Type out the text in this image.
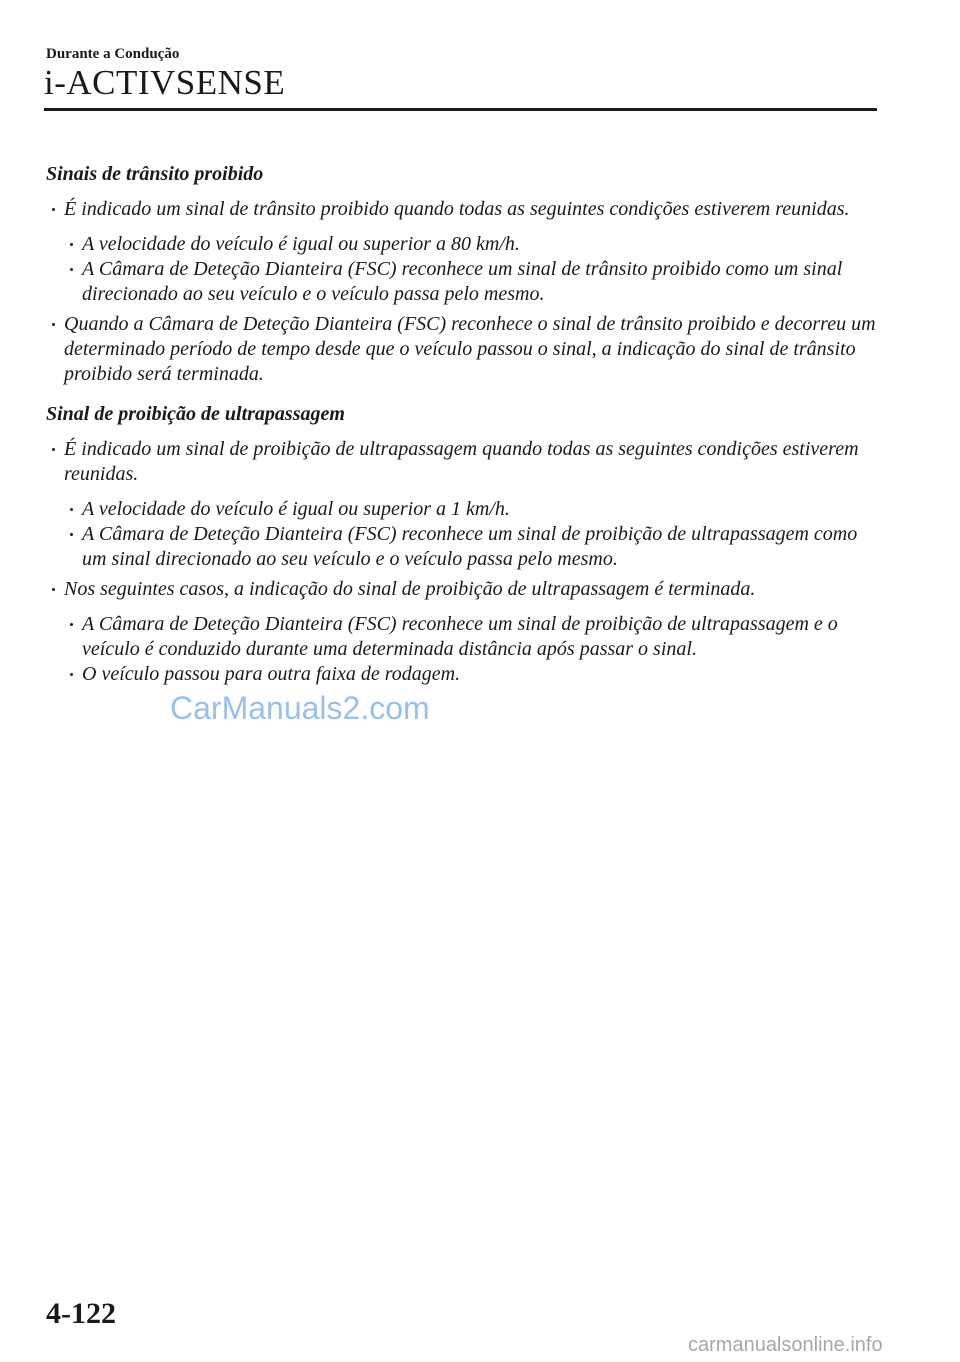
Durante a Condução
i-ACTIVSENSE
Sinais de trânsito proibido
É indicado um sinal de trânsito proibido quando todas as seguintes condições estiverem reunidas.
A velocidade do veículo é igual ou superior a 80 km/h.
A Câmara de Deteção Dianteira (FSC) reconhece um sinal de trânsito proibido como um sinal direcionado ao seu veículo e o veículo passa pelo mesmo.
Quando a Câmara de Deteção Dianteira (FSC) reconhece o sinal de trânsito proibido e decorreu um determinado período de tempo desde que o veículo passou o sinal, a indicação do sinal de trânsito proibido será terminada.
Sinal de proibição de ultrapassagem
É indicado um sinal de proibição de ultrapassagem quando todas as seguintes condições estiverem reunidas.
A velocidade do veículo é igual ou superior a 1 km/h.
A Câmara de Deteção Dianteira (FSC) reconhece um sinal de proibição de ultrapassagem como um sinal direcionado ao seu veículo e o veículo passa pelo mesmo.
Nos seguintes casos, a indicação do sinal de proibição de ultrapassagem é terminada.
A Câmara de Deteção Dianteira (FSC) reconhece um sinal de proibição de ultrapassagem e o veículo é conduzido durante uma determinada distância após passar o sinal.
O veículo passou para outra faixa de rodagem.
CarManuals2.com
4-122
carmanualsonline.info
